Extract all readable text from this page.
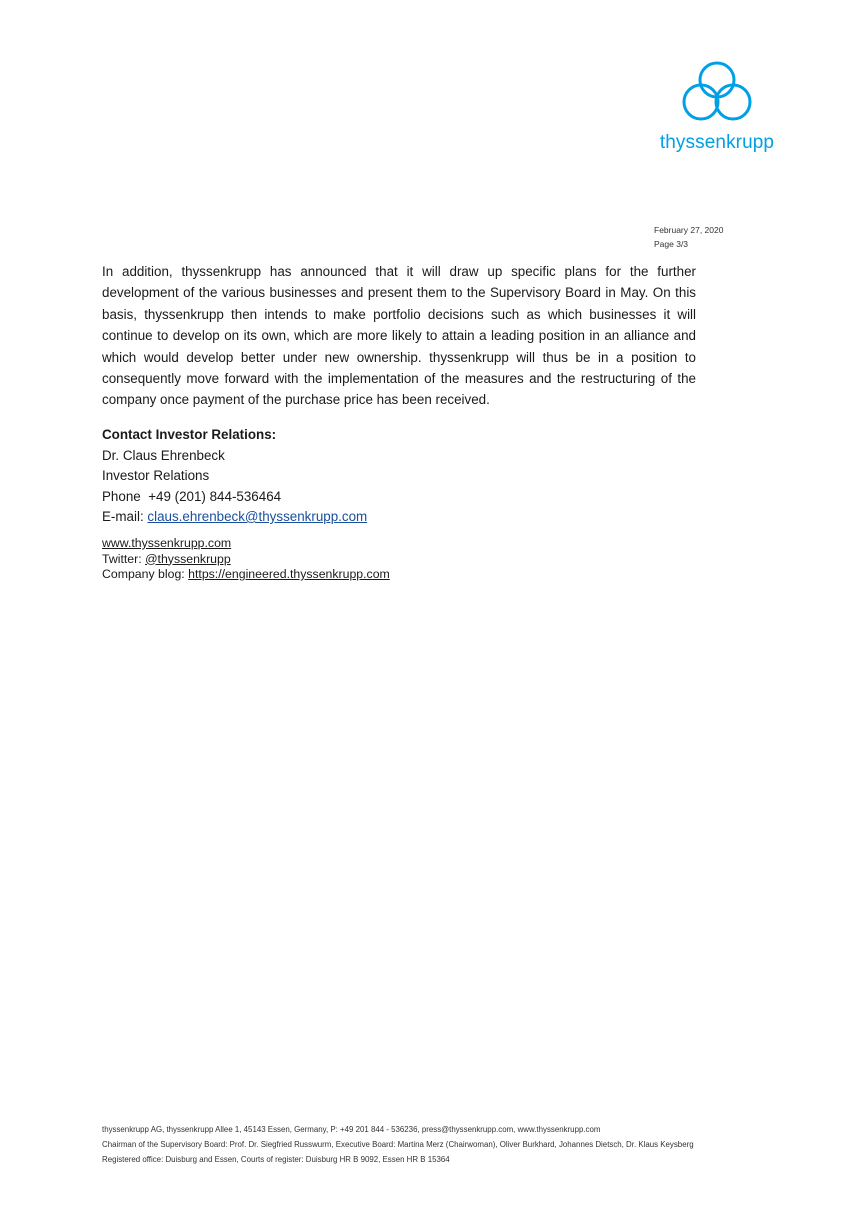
thyssenkrupp
February 27, 2020
Page 3/3
In addition, thyssenkrupp has announced that it will draw up specific plans for the further development of the various businesses and present them to the Supervisory Board in May. On this basis, thyssenkrupp then intends to make portfolio decisions such as which businesses it will continue to develop on its own, which are more likely to attain a leading position in an alliance and which would develop better under new ownership. thyssenkrupp will thus be in a position to consequently move forward with the implementation of the measures and the restructuring of the company once payment of the purchase price has been received.
Contact Investor Relations:
Dr. Claus Ehrenbeck
Investor Relations
Phone +49 (201) 844-536464
E-mail: claus.ehrenbeck@thyssenkrupp.com
www.thyssenkrupp.com
Twitter: @thyssenkrupp
Company blog: https://engineered.thyssenkrupp.com
thyssenkrupp AG, thyssenkrupp Allee 1, 45143 Essen, Germany, P: +49 201 844 - 536236, press@thyssenkrupp.com, www.thyssenkrupp.com
Chairman of the Supervisory Board: Prof. Dr. Siegfried Russwurm, Executive Board: Martina Merz (Chairwoman), Oliver Burkhard, Johannes Dietsch, Dr. Klaus Keysberg
Registered office: Duisburg and Essen, Courts of register: Duisburg HR B 9092, Essen HR B 15364
